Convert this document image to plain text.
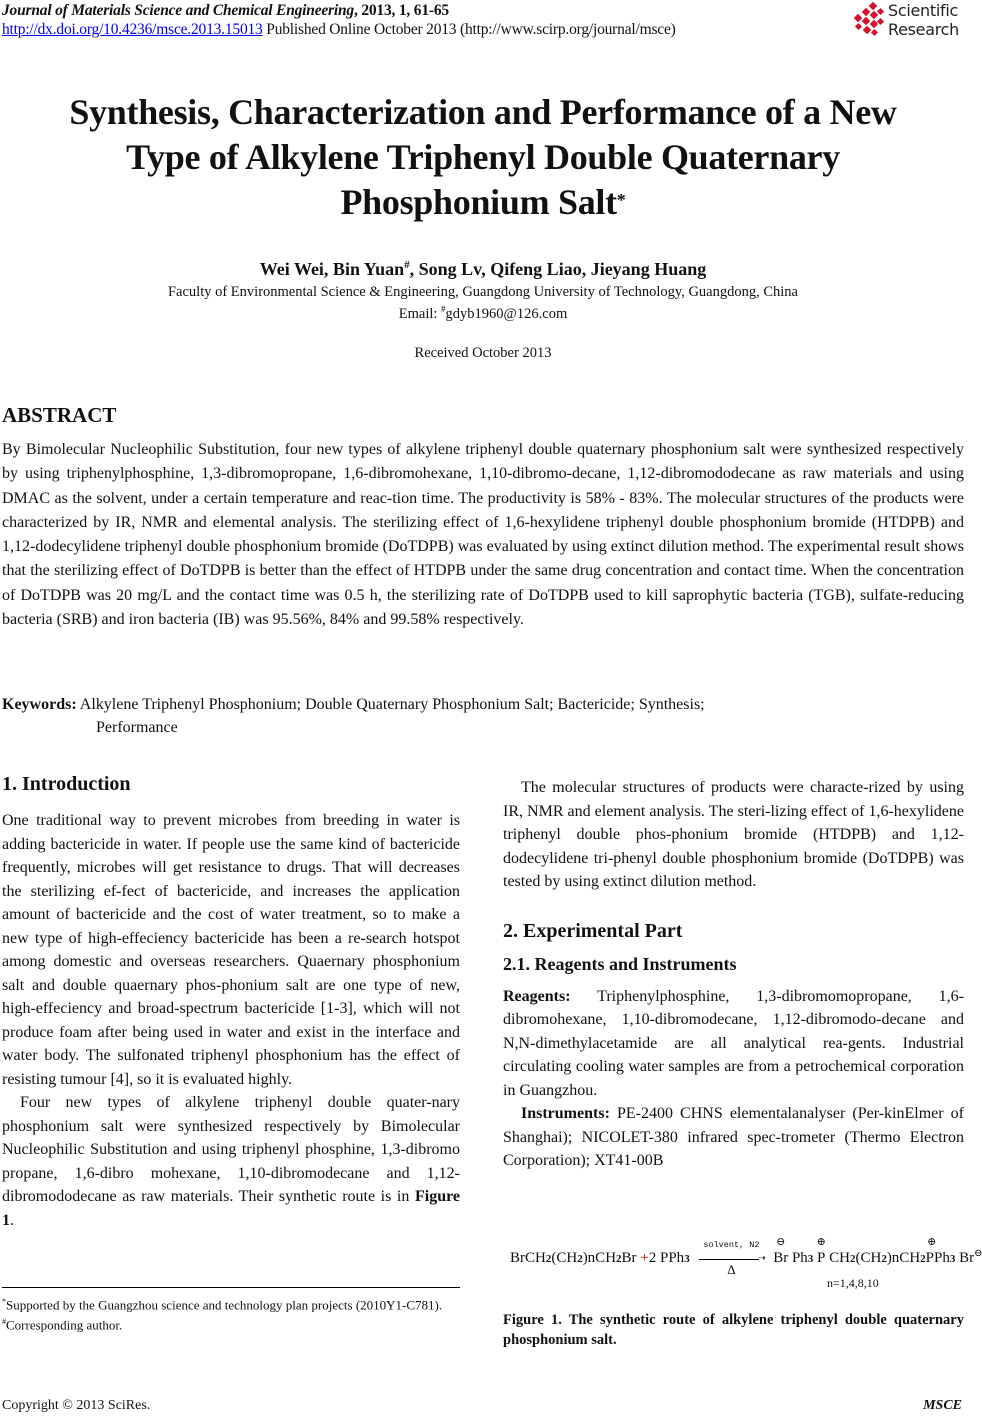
Journal of Materials Science and Chemical Engineering, 2013, 1, 61-65
http://dx.doi.org/10.4236/msce.2013.15013 Published Online October 2013 (http://www.scirp.org/journal/msce)
Scientific
Research
Synthesis, Characterization and Performance of a New
Type of Alkylene Triphenyl Double Quaternary
Phosphonium Salt*
Wei Wei, Bin Yuan#, Song Lv, Qifeng Liao, Jieyang Huang
Faculty of Environmental Science & Engineering, Guangdong University of Technology, Guangdong, China
Email: #gdyb1960@126.com
Received October 2013
ABSTRACT
By Bimolecular Nucleophilic Substitution, four new types of alkylene triphenyl double quaternary phosphonium salt were synthesized respectively by using triphenylphosphine, 1,3-dibromopropane, 1,6-dibromohexane, 1,10-dibromo-decane, 1,12-dibromododecane as raw materials and using DMAC as the solvent, under a certain temperature and reac-tion time. The productivity is 58% - 83%. The molecular structures of the products were characterized by IR, NMR and elemental analysis. The sterilizing effect of 1,6-hexylidene triphenyl double phosphonium bromide (HTDPB) and 1,12-dodecylidene triphenyl double phosphonium bromide (DoTDPB) was evaluated by using extinct dilution method. The experimental result shows that the sterilizing effect of DoTDPB is better than the effect of HTDPB under the same drug concentration and contact time. When the concentration of DoTDPB was 20 mg/L and the contact time was 0.5 h, the sterilizing rate of DoTDPB used to kill saprophytic bacteria (TGB), sulfate-reducing bacteria (SRB) and iron bacteria (IB) was 95.56%, 84% and 99.58% respectively.
Keywords: Alkylene Triphenyl Phosphonium; Double Quaternary Phosphonium Salt; Bactericide; Synthesis;
Performance
1. Introduction

One traditional way to prevent microbes from breeding in water is adding bactericide in water. If people use the same kind of bactericide frequently, microbes will get resistance to drugs. That will decreases the sterilizing ef-fect of bactericide, and increases the application amount of bactericide and the cost of water treatment, so to make a new type of high-effeciency bactericide has been a re-search hotspot among domestic and overseas researchers. Quaernary phosphonium salt and double quaernary phos-phonium salt are one type of new, high-effeciency and broad-spectrum bactericide [1-3], which will not produce foam after being used in water and exist in the interface and water body. The sulfonated triphenyl phosphonium has the effect of resisting tumour [4], so it is evaluated highly.

Four new types of alkylene triphenyl double quater-nary phosphonium salt were synthesized respectively by Bimolecular Nucleophilic Substitution and using triphenyl phosphine, 1,3-dibromo propane, 1,6-dibro mohexane, 1,10-dibromodecane and 1,12-dibromododecane as raw materials. Their synthetic route is in Figure 1.

*Supported by the Guangzhou science and technology plan projects (2010Y1-C781).

#Corresponding author.

The molecular structures of products were characte-rized by using IR, NMR and element analysis. The steri-lizing effect of 1,6-hexylidene triphenyl double phos-phonium bromide (HTDPB) and 1,12-dodecylidene tri-phenyl double phosphonium bromide (DoTDPB) was tested by using extinct dilution method.

2. Experimental Part
2.1. Reagents and Instruments

Reagents: Triphenylphosphine, 1,3-dibromomopropane, 1,6-dibromohexane, 1,10-dibromodecane, 1,12-dibromodo-decane and N,N-dimethylacetamide are all analytical rea-gents. Industrial circulating cooling water samples are from a petrochemical corporation in Guangzhou.

Instruments: PE-2400 CHNS elementalanalyser (Per-kinElmer of Shanghai); NICOLET-380 infrared spec-trometer (Thermo Electron Corporation); XT41-00B

BrCH2(CH2)nCH2Br +2 PPh3
solvent, N2
➝
Δ
Br
⊖
Ph3 P
⊕
CH2(CH2)nCH2PPh
⊕
3 Br⊖
n=1,4,8,10
Figure 1. The synthetic route of alkylene triphenyl double quaternary phosphonium salt.
Copyright © 2013 SciRes.	MSCE
